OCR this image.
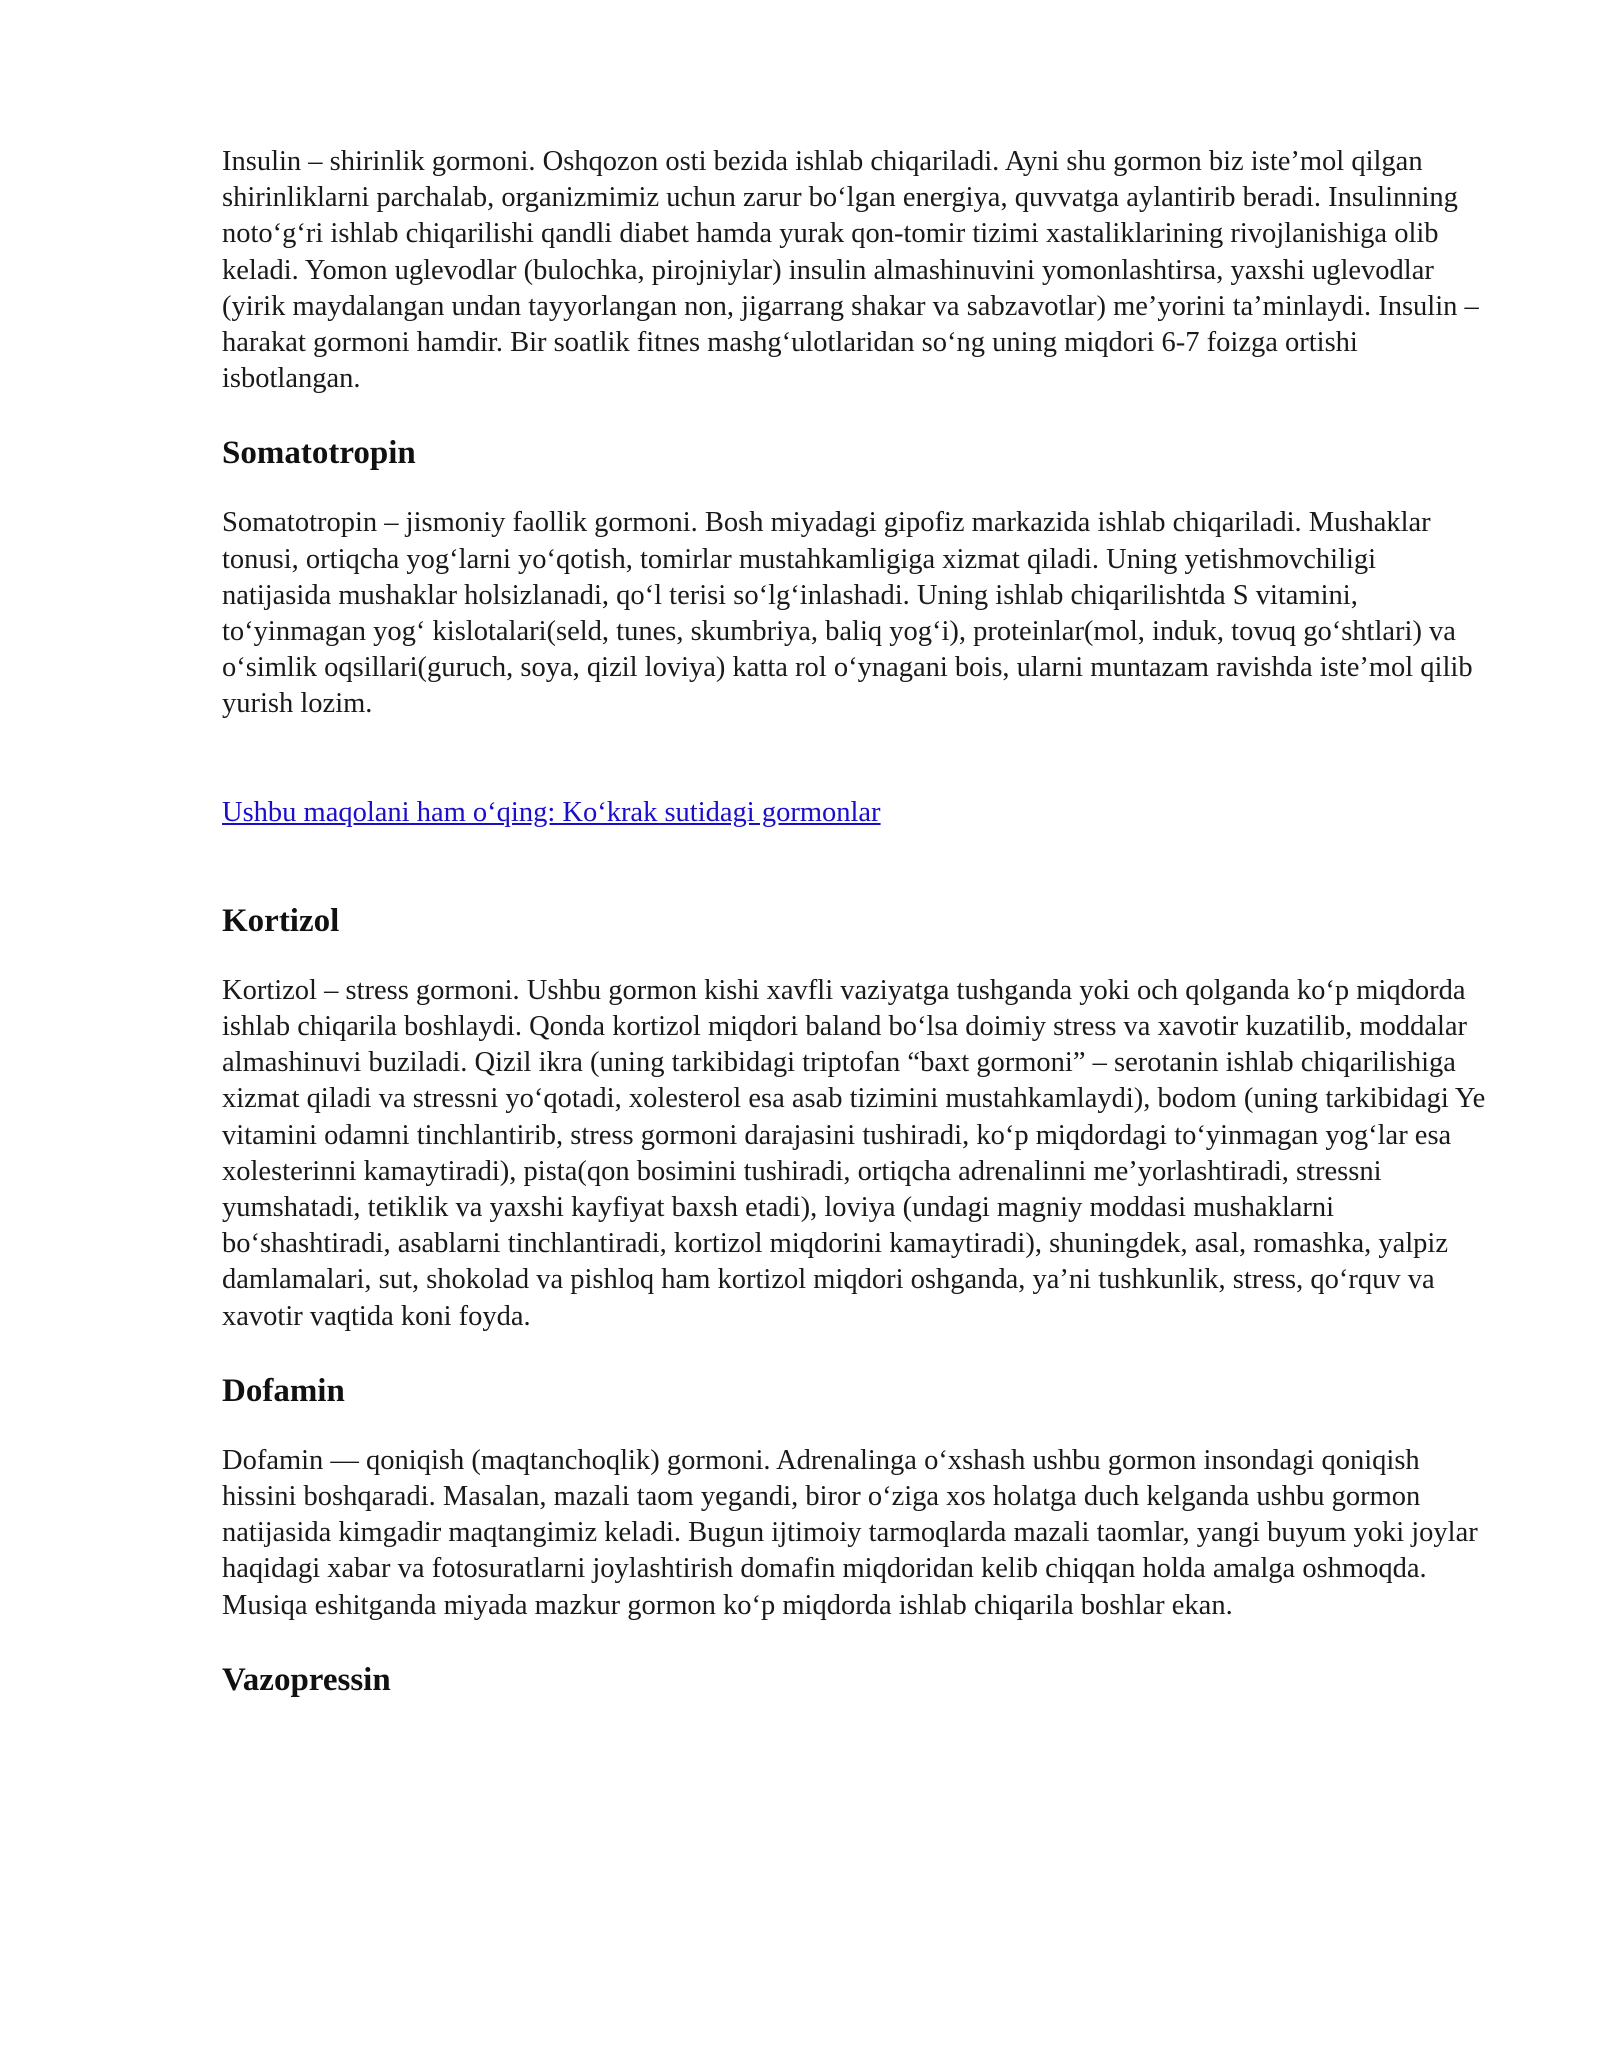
Insulin – shirinlik gormoni. Oshqozon osti bezida ishlab chiqariladi. Ayni shu gormon biz iste’mol qilgan shirinliklarni parchalab, organizmimiz uchun zarur bo‘lgan energiya, quvvatga aylantirib beradi. Insulinning noto‘g‘ri ishlab chiqarilishi qandli diabet hamda yurak qon-tomir tizimi xastaliklarining rivojlanishiga olib keladi. Yomon uglevodlar (bulochka, pirojniylar) insulin almashinuvini yomonlashtirsa, yaxshi uglevodlar (yirik maydalangan undan tayyorlangan non, jigarrang shakar va sabzavotlar) me’yorini ta’minlaydi. Insulin – harakat gormoni hamdir. Bir soatlik fitnes mashg‘ulotlaridan so‘ng uning miqdori 6-7 foizga ortishi isbotlangan.

Somatotropin

Somatotropin – jismoniy faollik gormoni. Bosh miyadagi gipofiz markazida ishlab chiqariladi. Mushaklar tonusi, ortiqcha yog‘larni yo‘qotish, tomirlar mustahkamligiga xizmat qiladi. Uning yetishmovchiligi natijasida mushaklar holsizlanadi, qo‘l terisi so‘lg‘inlashadi. Uning ishlab chiqarilishtda S vitamini, to‘yinmagan yog‘ kislotalari(seld, tunes, skumbriya, baliq yog‘i), proteinlar(mol, induk, tovuq go‘shtlari) va o‘simlik oqsillari(guruch, soya, qizil loviya) katta rol o‘ynagani bois, ularni muntazam ravishda iste’mol qilib yurish lozim.

Ushbu maqolani ham o‘qing: Ko‘krak sutidagi gormonlar
Kortizol

Kortizol – stress gormoni. Ushbu gormon kishi xavfli vaziyatga tushganda yoki och qolganda ko‘p miqdorda ishlab chiqarila boshlaydi. Qonda kortizol miqdori baland bo‘lsa doimiy stress va xavotir kuzatilib, moddalar almashinuvi buziladi. Qizil ikra (uning tarkibidagi triptofan “baxt gormoni” – serotanin ishlab chiqarilishiga xizmat qiladi va stressni yo‘qotadi, xolesterol esa asab tizimini mustahkamlaydi), bodom (uning tarkibidagi Ye vitamini odamni tinchlantirib, stress gormoni darajasini tushiradi, ko‘p miqdordagi to‘yinmagan yog‘lar esa xolesterinni kamaytiradi), pista(qon bosimini tushiradi, ortiqcha adrenalinni me’yorlashtiradi, stressni yumshatadi, tetiklik va yaxshi kayfiyat baxsh etadi), loviya (undagi magniy moddasi mushaklarni bo‘shashtiradi, asablarni tinchlantiradi, kortizol miqdorini kamaytiradi), shuningdek, asal, romashka, yalpiz damlamalari, sut, shokolad va pishloq ham kortizol miqdori oshganda, ya’ni tushkunlik, stress, qo‘rquv va xavotir vaqtida koni foyda.

Dofamin

Dofamin — qoniqish (maqtanchoqlik) gormoni. Adrenalinga o‘xshash ushbu gormon insondagi qoniqish hissini boshqaradi. Masalan, mazali taom yegandi, biror o‘ziga xos holatga duch kelganda ushbu gormon natijasida kimgadir maqtangimiz keladi. Bugun ijtimoiy tarmoqlarda mazali taomlar, yangi buyum yoki joylar haqidagi xabar va fotosuratlarni joylashtirish domafin miqdoridan kelib chiqqan holda amalga oshmoqda. Musiqa eshitganda miyada mazkur gormon ko‘p miqdorda ishlab chiqarila boshlar ekan.

Vazopressin
